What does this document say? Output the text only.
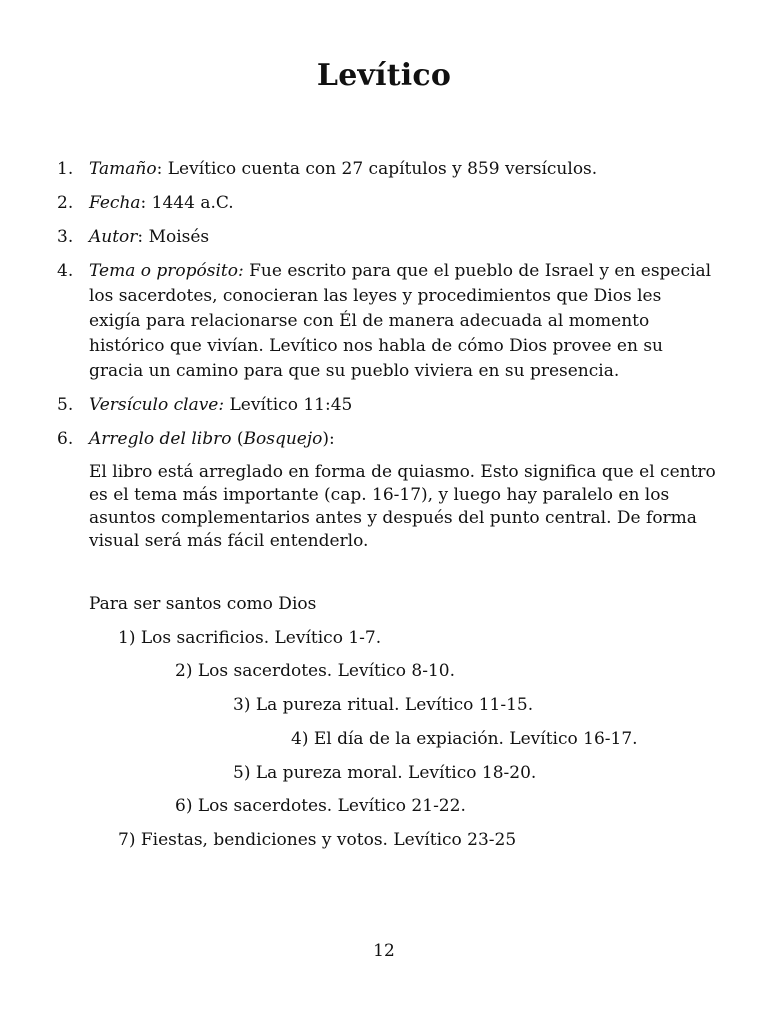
Levítico
1. Tamaño: Levítico cuenta con 27 capítulos y 859 versículos.
2. Fecha: 1444 a.C.
3. Autor: Moisés
4. Tema o propósito: Fue escrito para que el pueblo de Israel y en especial los sacerdotes, conocieran las leyes y procedimientos que Dios les exigía para relacionarse con Él de manera adecuada al momento histórico que vivían. Levítico nos habla de cómo Dios provee en su gracia un camino para que su pueblo viviera en su presencia.
5. Versículo clave: Levítico 11:45
6. Arreglo del libro (Bosquejo):
El libro está arreglado en forma de quiasmo. Esto significa que el centro es el tema más importante (cap. 16-17), y luego hay paralelo en los asuntos complementarios antes y después del punto central. De forma visual será más fácil entenderlo.
Para ser santos como Dios
1) Los sacrificios. Levítico 1-7.
2) Los sacerdotes. Levítico 8-10.
3) La pureza ritual. Levítico 11-15.
4) El día de la expiación. Levítico 16-17.
5) La pureza moral. Levítico 18-20.
6) Los sacerdotes. Levítico 21-22.
7) Fiestas, bendiciones y votos. Levítico 23-25
12
